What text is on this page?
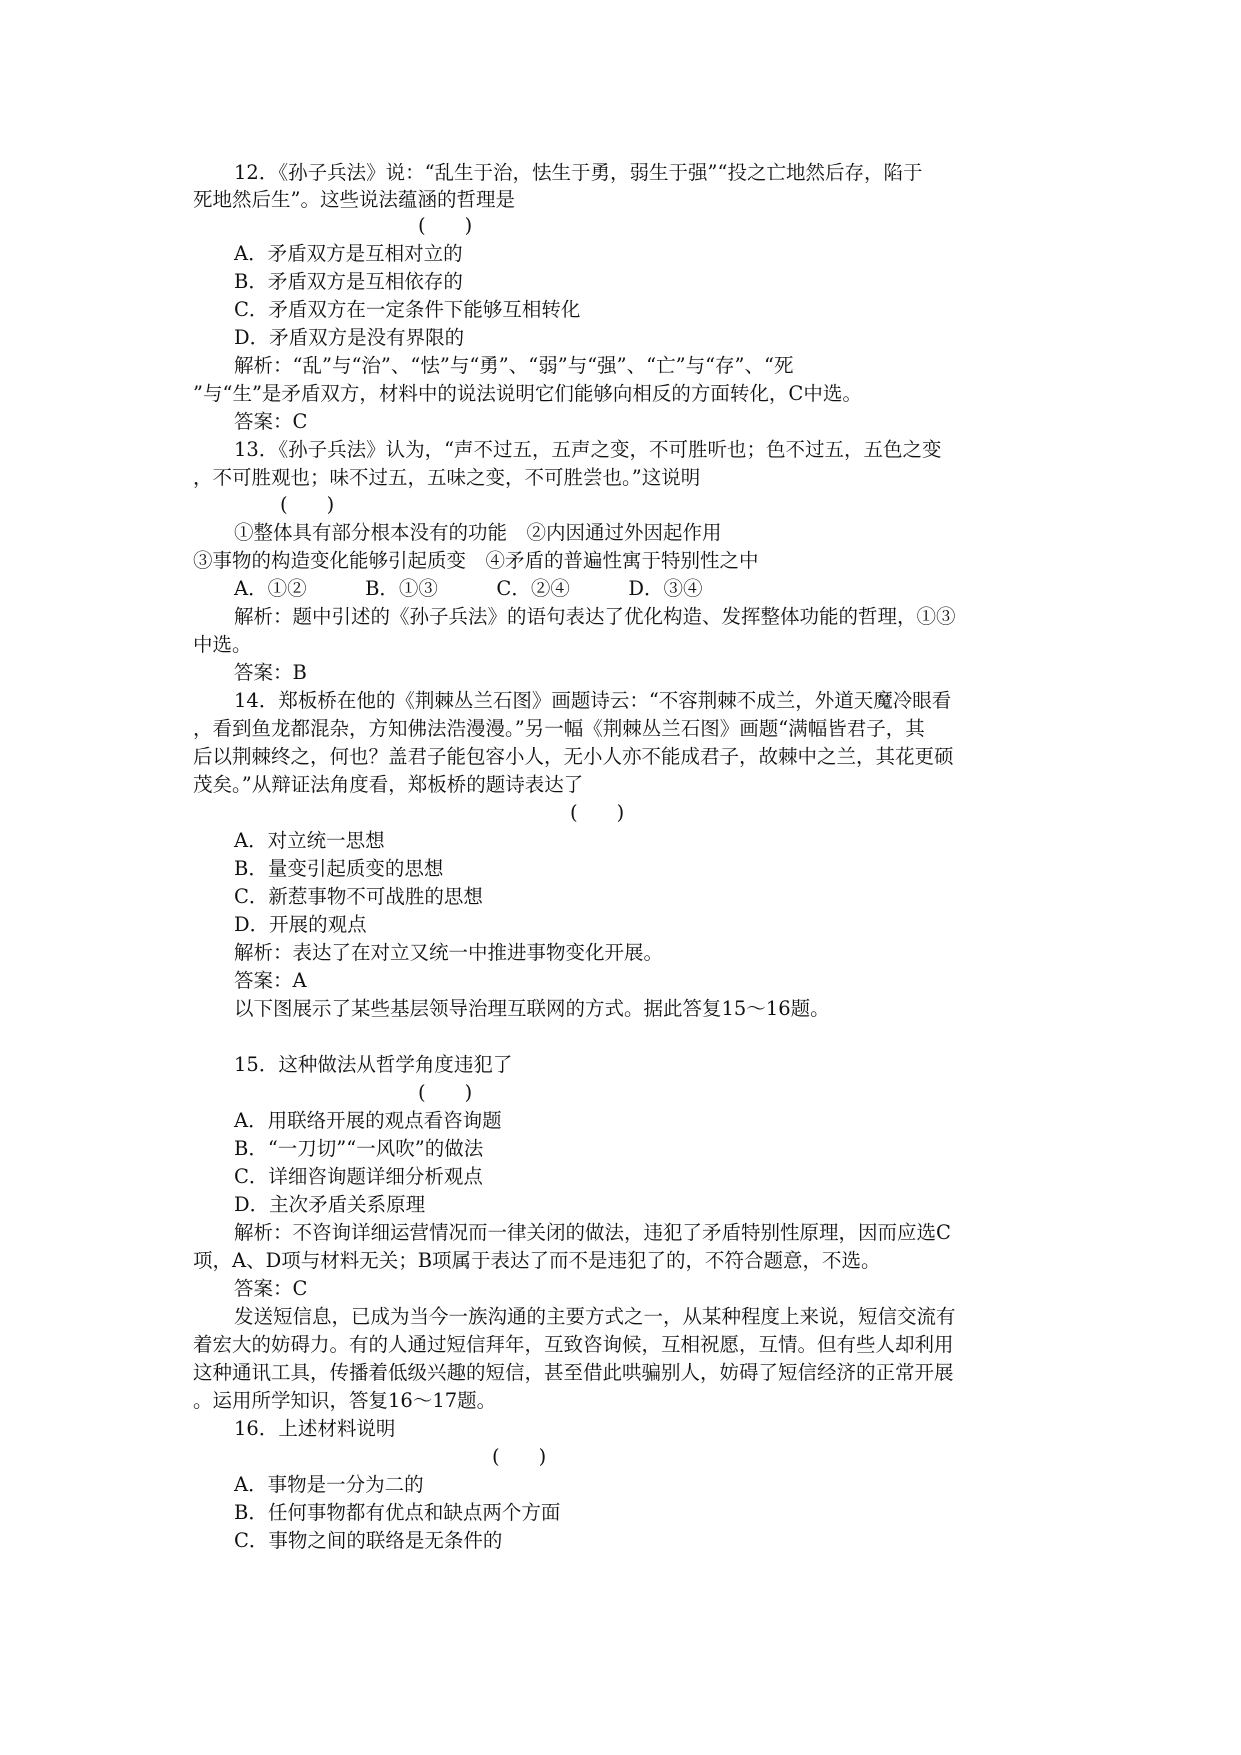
12．《孙子兵法》说：“乱生于治，怯生于勇，弱生于强”“投之亡地然后存，陷于
死地然后生”。这些说法蕴涵的哲理是
(　　)
A．矛盾双方是互相对立的
B．矛盾双方是互相依存的
C．矛盾双方在一定条件下能够互相转化
D．矛盾双方是没有界限的
解析：“乱”与“治”、“怯”与“勇”、“弱”与“强”、“亡”与“存”、“死
”与“生”是矛盾双方，材料中的说法说明它们能够向相反的方面转化，C中选。
答案：C
13．《孙子兵法》认为，“声不过五，五声之变，不可胜听也；色不过五，五色之变
，不可胜观也；味不过五，五味之变，不可胜尝也。”这说明
(　　)
①整体具有部分根本没有的功能　②内因通过外因起作用
③事物的构造变化能够引起质变　④矛盾的普遍性寓于特别性之中
A．①②　　　B．①③　　　C．②④　　　D．③④
解析：题中引述的《孙子兵法》的语句表达了优化构造、发挥整体功能的哲理，①③
中选。
答案：B
14．郑板桥在他的《荆棘丛兰石图》画题诗云：“不容荆棘不成兰，外道天魔冷眼看
，看到鱼龙都混杂，方知佛法浩漫漫。”另一幅《荆棘丛兰石图》画题“满幅皆君子，其
后以荆棘终之，何也？盖君子能包容小人，无小人亦不能成君子，故棘中之兰，其花更硕
茂矣。”从辩证法角度看，郑板桥的题诗表达了
(　　)
A．对立统一思想
B．量变引起质变的思想
C．新惹事物不可战胜的思想
D．开展的观点
解析：表达了在对立又统一中推进事物变化开展。
答案：A
以下图展示了某些基层领导治理互联网的方式。据此答复15～16题。
15．这种做法从哲学角度违犯了
(　　)
A．用联络开展的观点看咨询题
B．“一刀切”“一风吹”的做法
C．详细咨询题详细分析观点
D．主次矛盾关系原理
解析：不咨询详细运营情况而一律关闭的做法，违犯了矛盾特别性原理，因而应选C
项，A、D项与材料无关；B项属于表达了而不是违犯了的，不符合题意，不选。
答案：C
发送短信息，已成为当今一族沟通的主要方式之一，从某种程度上来说，短信交流有
着宏大的妨碍力。有的人通过短信拜年，互致咨询候，互相祝愿，互情。但有些人却利用
这种通讯工具，传播着低级兴趣的短信，甚至借此哄骗别人，妨碍了短信经济的正常开展
。运用所学知识，答复16～17题。
16．上述材料说明
(　　)
A．事物是一分为二的
B．任何事物都有优点和缺点两个方面
C．事物之间的联络是无条件的
